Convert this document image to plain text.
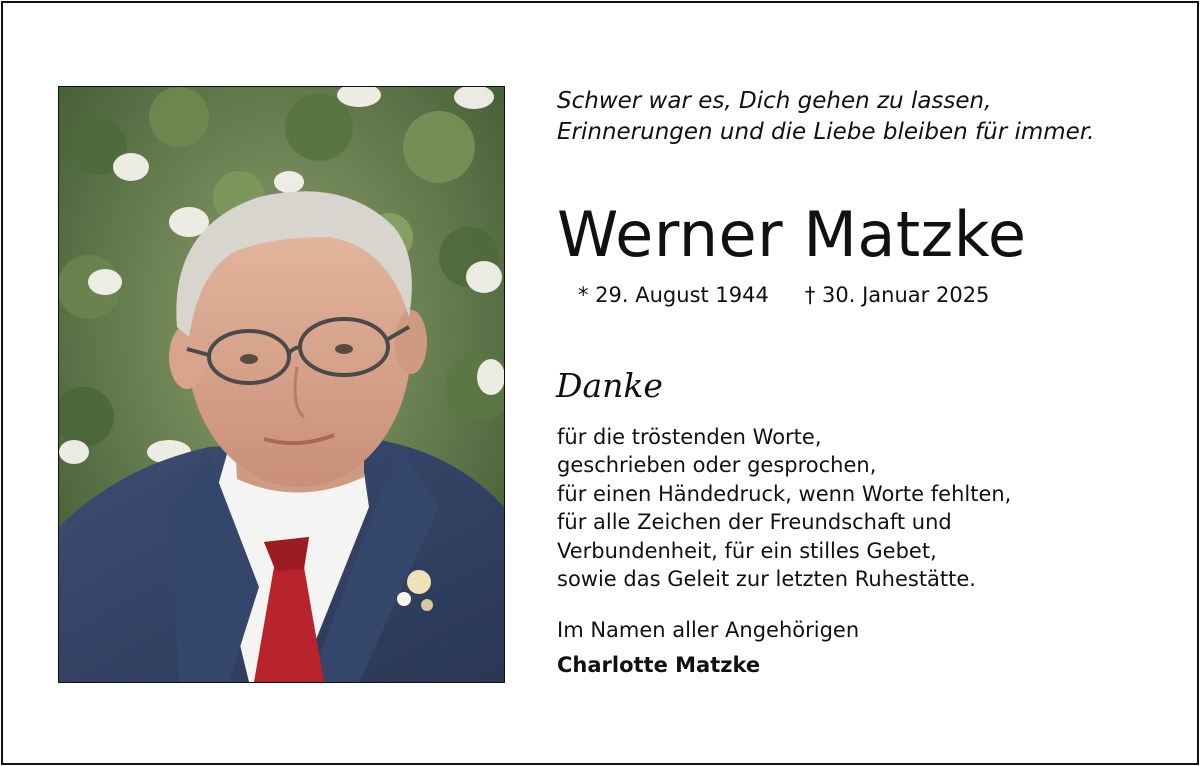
Schwer war es, Dich gehen zu lassen,
Erinnerungen und die Liebe bleiben für immer.
Werner Matzke
* 29. August 1944 † 30. Januar 2025
Danke
für die tröstenden Worte,
geschrieben oder gesprochen,
für einen Händedruck, wenn Worte fehlten,
für alle Zeichen der Freundschaft und
Verbundenheit, für ein stilles Gebet,
sowie das Geleit zur letzten Ruhestätte.
Im Namen aller Angehörigen
Charlotte Matzke
